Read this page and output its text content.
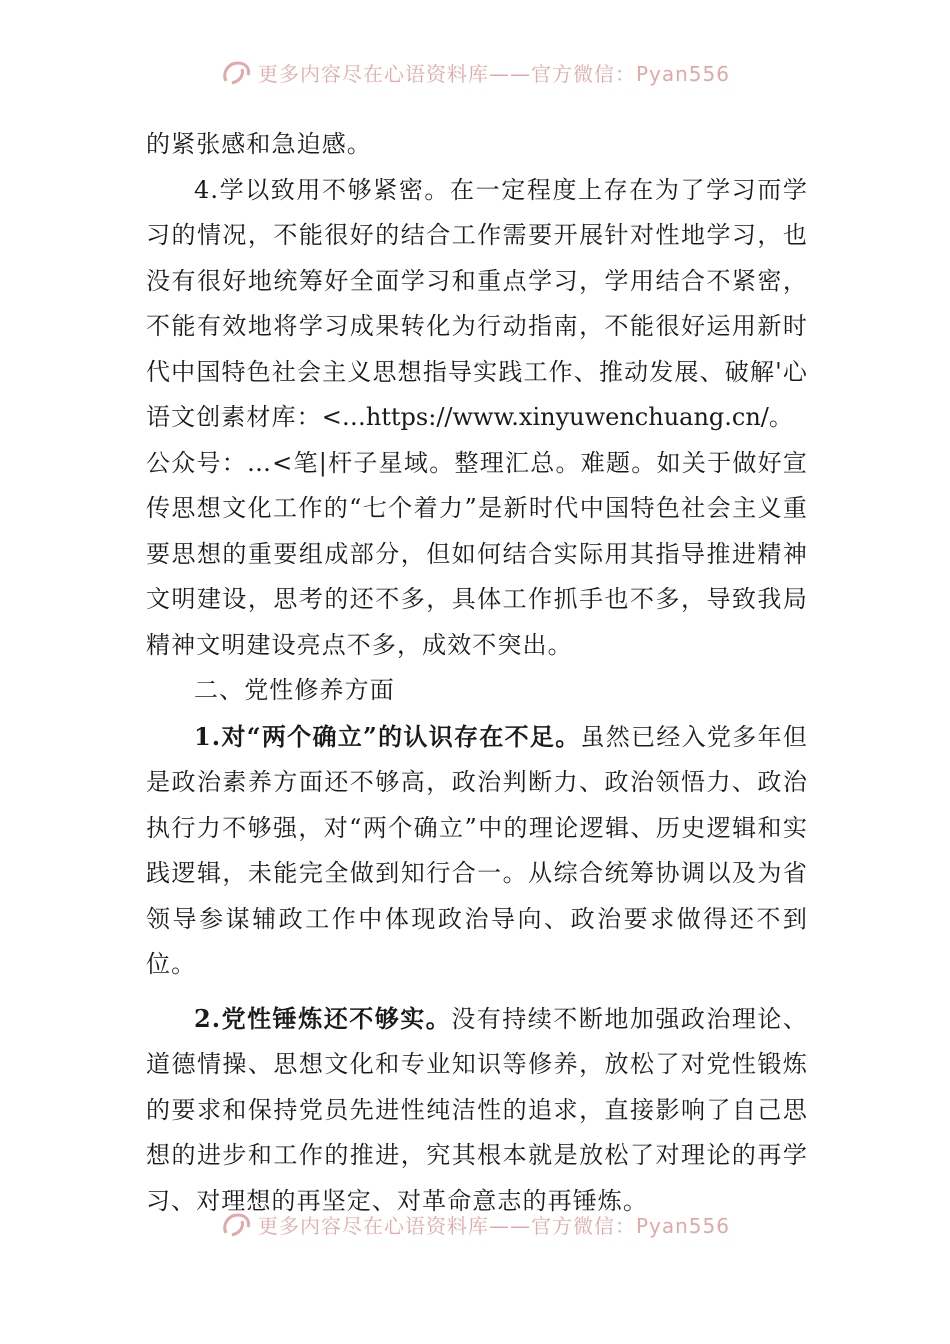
更多内容尽在心语资料库——官方微信：Pyan556

的紧张感和急迫感。

4.学以致用不够紧密。在一定程度上存在为了学习而学习的情况，不能很好的结合工作需要开展针对性地学习，也没有很好地统筹好全面学习和重点学习，学用结合不紧密，不能有效地将学习成果转化为行动指南，不能很好运用新时代中国特色社会主义思想指导实践工作、推动发展、破解'心语文创素材库：<…https://www.xinyuwenchuang.cn/。

公众号：…<笔|杆子星域。整理汇总。难题。如关于做好宣传思想文化工作的“七个着力”是新时代中国特色社会主义重要思想的重要组成部分，但如何结合实际用其指导推进精神文明建设，思考的还不多，具体工作抓手也不多，导致我局精神文明建设亮点不多，成效不突出。

二、党性修养方面

1.对“两个确立”的认识存在不足。虽然已经入党多年但是政治素养方面还不够高，政治判断力、政治领悟力、政治执行力不够强，对“两个确立”中的理论逻辑、历史逻辑和实践逻辑，未能完全做到知行合一。从综合统筹协调以及为省领导参谋辅政工作中体现政治导向、政治要求做得还不到位。

2.党性锤炼还不够实。没有持续不断地加强政治理论、道德情操、思想文化和专业知识等修养，放松了对党性锻炼的要求和保持党员先进性纯洁性的追求，直接影响了自己思想的进步和工作的推进，究其根本就是放松了对理论的再学习、对理想的再坚定、对革命意志的再锤炼。

更多内容尽在心语资料库——官方微信：Pyan556
